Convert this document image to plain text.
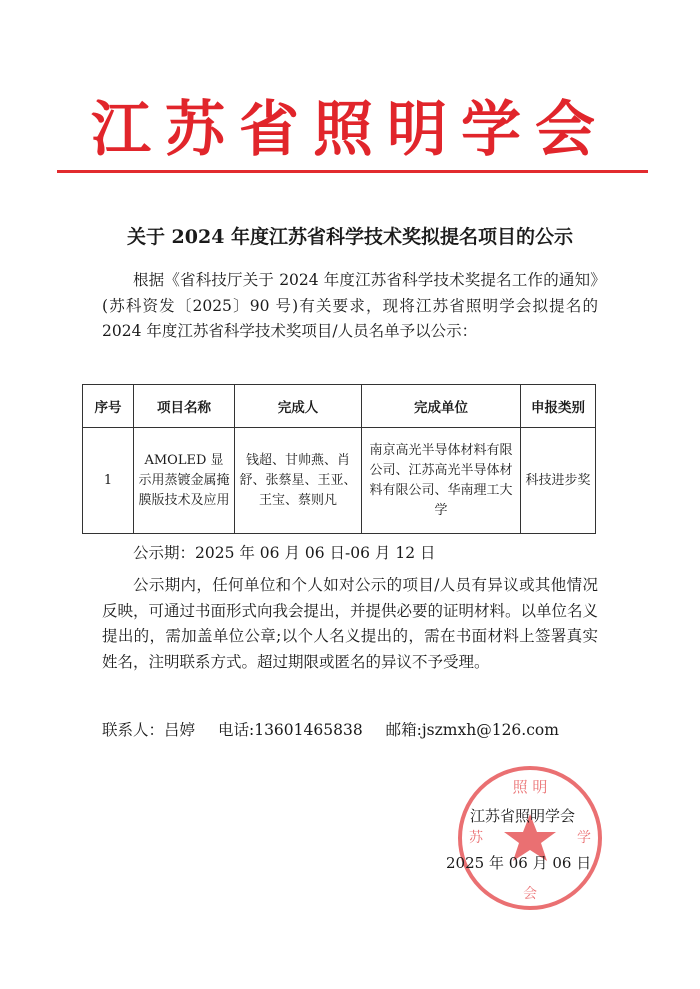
江苏省照明学会
关于 2024 年度江苏省科学技术奖拟提名项目的公示

根据《省科技厅关于 2024 年度江苏省科学技术奖提名工作的通知》(苏科资发〔2025〕90 号)有关要求，现将江苏省照明学会拟提名的 2024 年度江苏省科学技术奖项目/人员名单予以公示：

序号	项目名称	完成人	完成单位	申报类别
1	AMOLED 显示用蒸镀金属掩膜版技术及应用	钱超、甘帅燕、肖舒、张蔡星、王亚、王宝、蔡则凡	南京高光半导体材料有限公司、江苏高光半导体材料有限公司、华南理工大学	科技进步奖

公示期：2025 年 06 月 06 日-06 月 12 日

公示期内，任何单位和个人如对公示的项目/人员有异议或其他情况反映，可通过书面形式向我会提出，并提供必要的证明材料。以单位名义提出的，需加盖单位公章;以个人名义提出的，需在书面材料上签署真实姓名，注明联系方式。超过期限或匿名的异议不予受理。

联系人：吕婷 电话:13601465838 邮箱:jszmxh@126.com

照 明
苏	学
会
江苏省照明学会
2025 年 06 月 06 日
